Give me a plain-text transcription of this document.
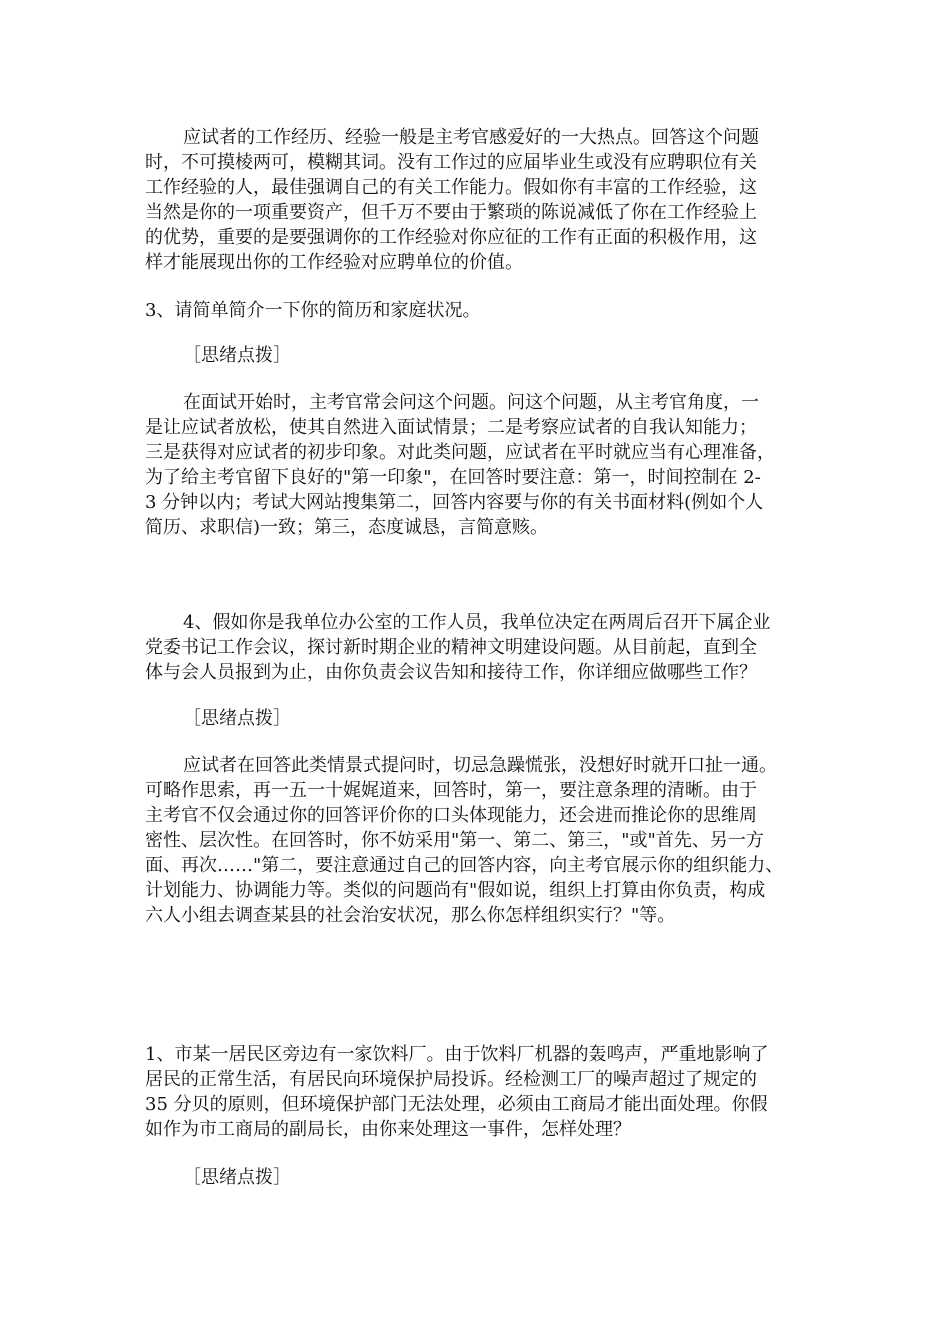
应试者的工作经历、经验一般是主考官感爱好的一大热点。回答这个问题
时，不可摸棱两可，模糊其词。没有工作过的应届毕业生或没有应聘职位有关
工作经验的人，最佳强调自己的有关工作能力。假如你有丰富的工作经验，这
当然是你的一项重要资产，但千万不要由于繁琐的陈说减低了你在工作经验上
的优势，重要的是要强调你的工作经验对你应征的工作有正面的积极作用，这
样才能展现出你的工作经验对应聘单位的价值。
3、请简单简介一下你的简历和家庭状况。
［思绪点拨］
在面试开始时，主考官常会问这个问题。问这个问题，从主考官角度，一
是让应试者放松，使其自然进入面试情景；二是考察应试者的自我认知能力；
三是获得对应试者的初步印象。对此类问题，应试者在平时就应当有心理准备，
为了给主考官留下良好的"第一印象"，在回答时要注意：第一，时间控制在 2-
3 分钟以内；考试大网站搜集第二，回答内容要与你的有关书面材料(例如个人
简历、求职信)一致；第三，态度诚恳，言简意赅。
4、假如你是我单位办公室的工作人员，我单位决定在两周后召开下属企业
党委书记工作会议，探讨新时期企业的精神文明建设问题。从目前起，直到全
体与会人员报到为止，由你负责会议告知和接待工作，你详细应做哪些工作？
［思绪点拨］
应试者在回答此类情景式提问时，切忌急躁慌张，没想好时就开口扯一通。
可略作思索，再一五一十娓娓道来，回答时，第一，要注意条理的清晰。由于
主考官不仅会通过你的回答评价你的口头体现能力，还会进而推论你的思维周
密性、层次性。在回答时，你不妨采用"第一、第二、第三，"或"首先、另一方
面、再次……"第二，要注意通过自己的回答内容，向主考官展示你的组织能力、
计划能力、协调能力等。类似的问题尚有"假如说，组织上打算由你负责，构成
六人小组去调查某县的社会治安状况，那么你怎样组织实行？"等。
1、市某一居民区旁边有一家饮料厂。由于饮料厂机器的轰鸣声，严重地影响了
居民的正常生活，有居民向环境保护局投诉。经检测工厂的噪声超过了规定的
35 分贝的原则，但环境保护部门无法处理，必须由工商局才能出面处理。你假
如作为市工商局的副局长，由你来处理这一事件，怎样处理？
［思绪点拨］
